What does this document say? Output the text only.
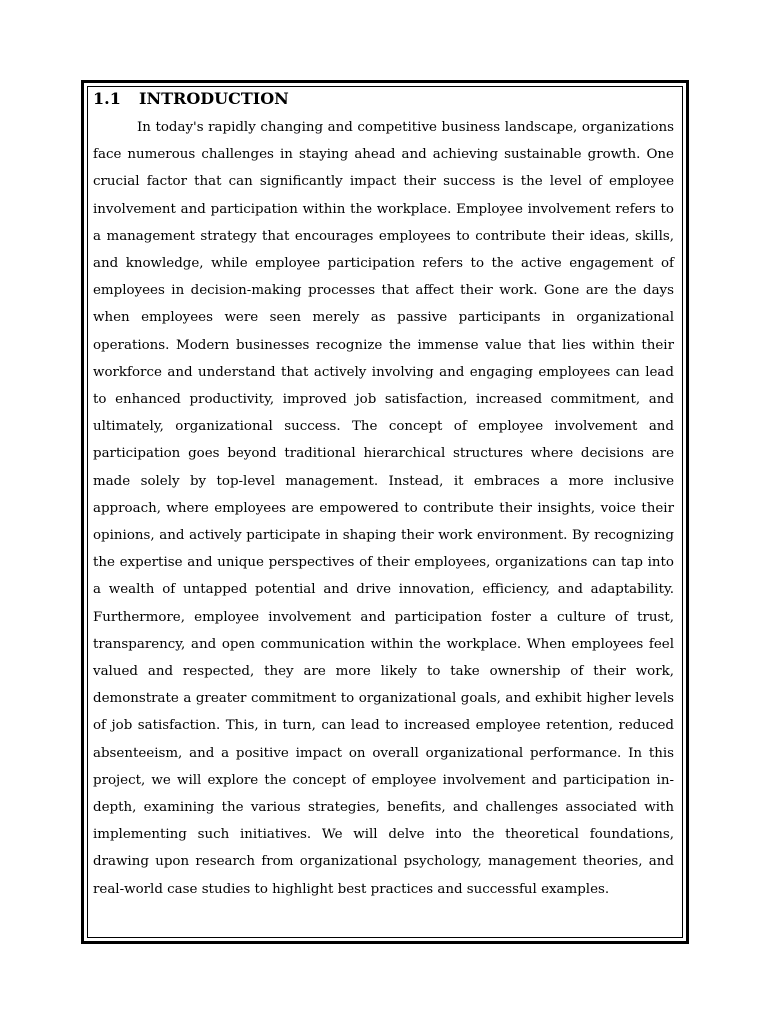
1.1 INTRODUCTION

In today's rapidly changing and competitive business landscape, organizations face numerous challenges in staying ahead and achieving sustainable growth. One crucial factor that can significantly impact their success is the level of employee involvement and participation within the workplace. Employee involvement refers to a management strategy that encourages employees to contribute their ideas, skills, and knowledge, while employee participation refers to the active engagement of employees in decision-making processes that affect their work. Gone are the days when employees were seen merely as passive participants in organizational operations. Modern businesses recognize the immense value that lies within their workforce and understand that actively involving and engaging employees can lead to enhanced productivity, improved job satisfaction, increased commitment, and ultimately, organizational success. The concept of employee involvement and participation goes beyond traditional hierarchical structures where decisions are made solely by top-level management. Instead, it embraces a more inclusive approach, where employees are empowered to contribute their insights, voice their opinions, and actively participate in shaping their work environment. By recognizing the expertise and unique perspectives of their employees, organizations can tap into a wealth of untapped potential and drive innovation, efficiency, and adaptability. Furthermore, employee involvement and participation foster a culture of trust, transparency, and open communication within the workplace. When employees feel valued and respected, they are more likely to take ownership of their work, demonstrate a greater commitment to organizational goals, and exhibit higher levels of job satisfaction. This, in turn, can lead to increased employee retention, reduced absenteeism, and a positive impact on overall organizational performance. In this project, we will explore the concept of employee involvement and participation in-depth, examining the various strategies, benefits, and challenges associated with implementing such initiatives. We will delve into the theoretical foundations, drawing upon research from organizational psychology, management theories, and real-world case studies to highlight best practices and successful examples.
